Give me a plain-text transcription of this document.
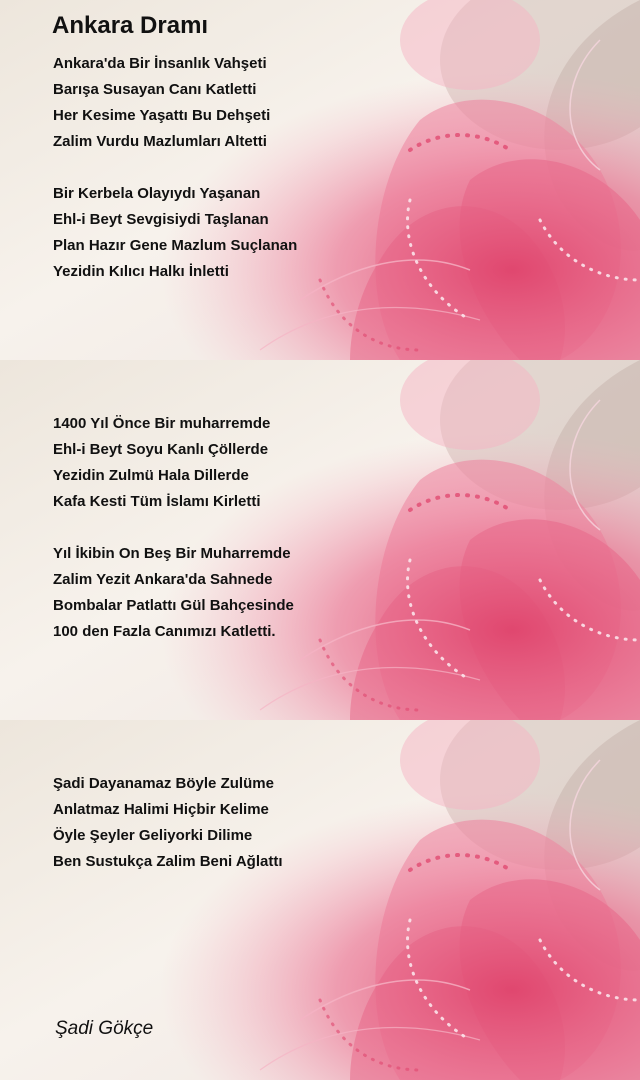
Ankara Dramı
Ankara'da Bir İnsanlık Vahşeti
Barışa Susayan Canı Katletti
Her Kesime Yaşattı Bu Dehşeti
Zalim Vurdu Mazlumları Altetti
Bir Kerbela Olayıydı Yaşanan
Ehl-i Beyt Sevgisiydi Taşlanan
Plan Hazır Gene Mazlum Suçlanan
Yezidin Kılıcı Halkı İnletti
1400 Yıl Önce Bir muharremde
Ehl-i Beyt Soyu Kanlı Çöllerde
Yezidin Zulmü Hala Dillerde
Kafa Kesti Tüm İslamı Kirletti
Yıl İkibin On Beş Bir Muharremde
Zalim Yezit Ankara'da Sahnede
Bombalar Patlattı Gül Bahçesinde
100 den Fazla Canımızı Katletti.
Şadi Dayanamaz Böyle Zulüme
Anlatmaz Halimi Hiçbir Kelime
Öyle Şeyler Geliyorki Dilime
Ben Sustukça Zalim Beni Ağlattı

Şadi Gökçe
